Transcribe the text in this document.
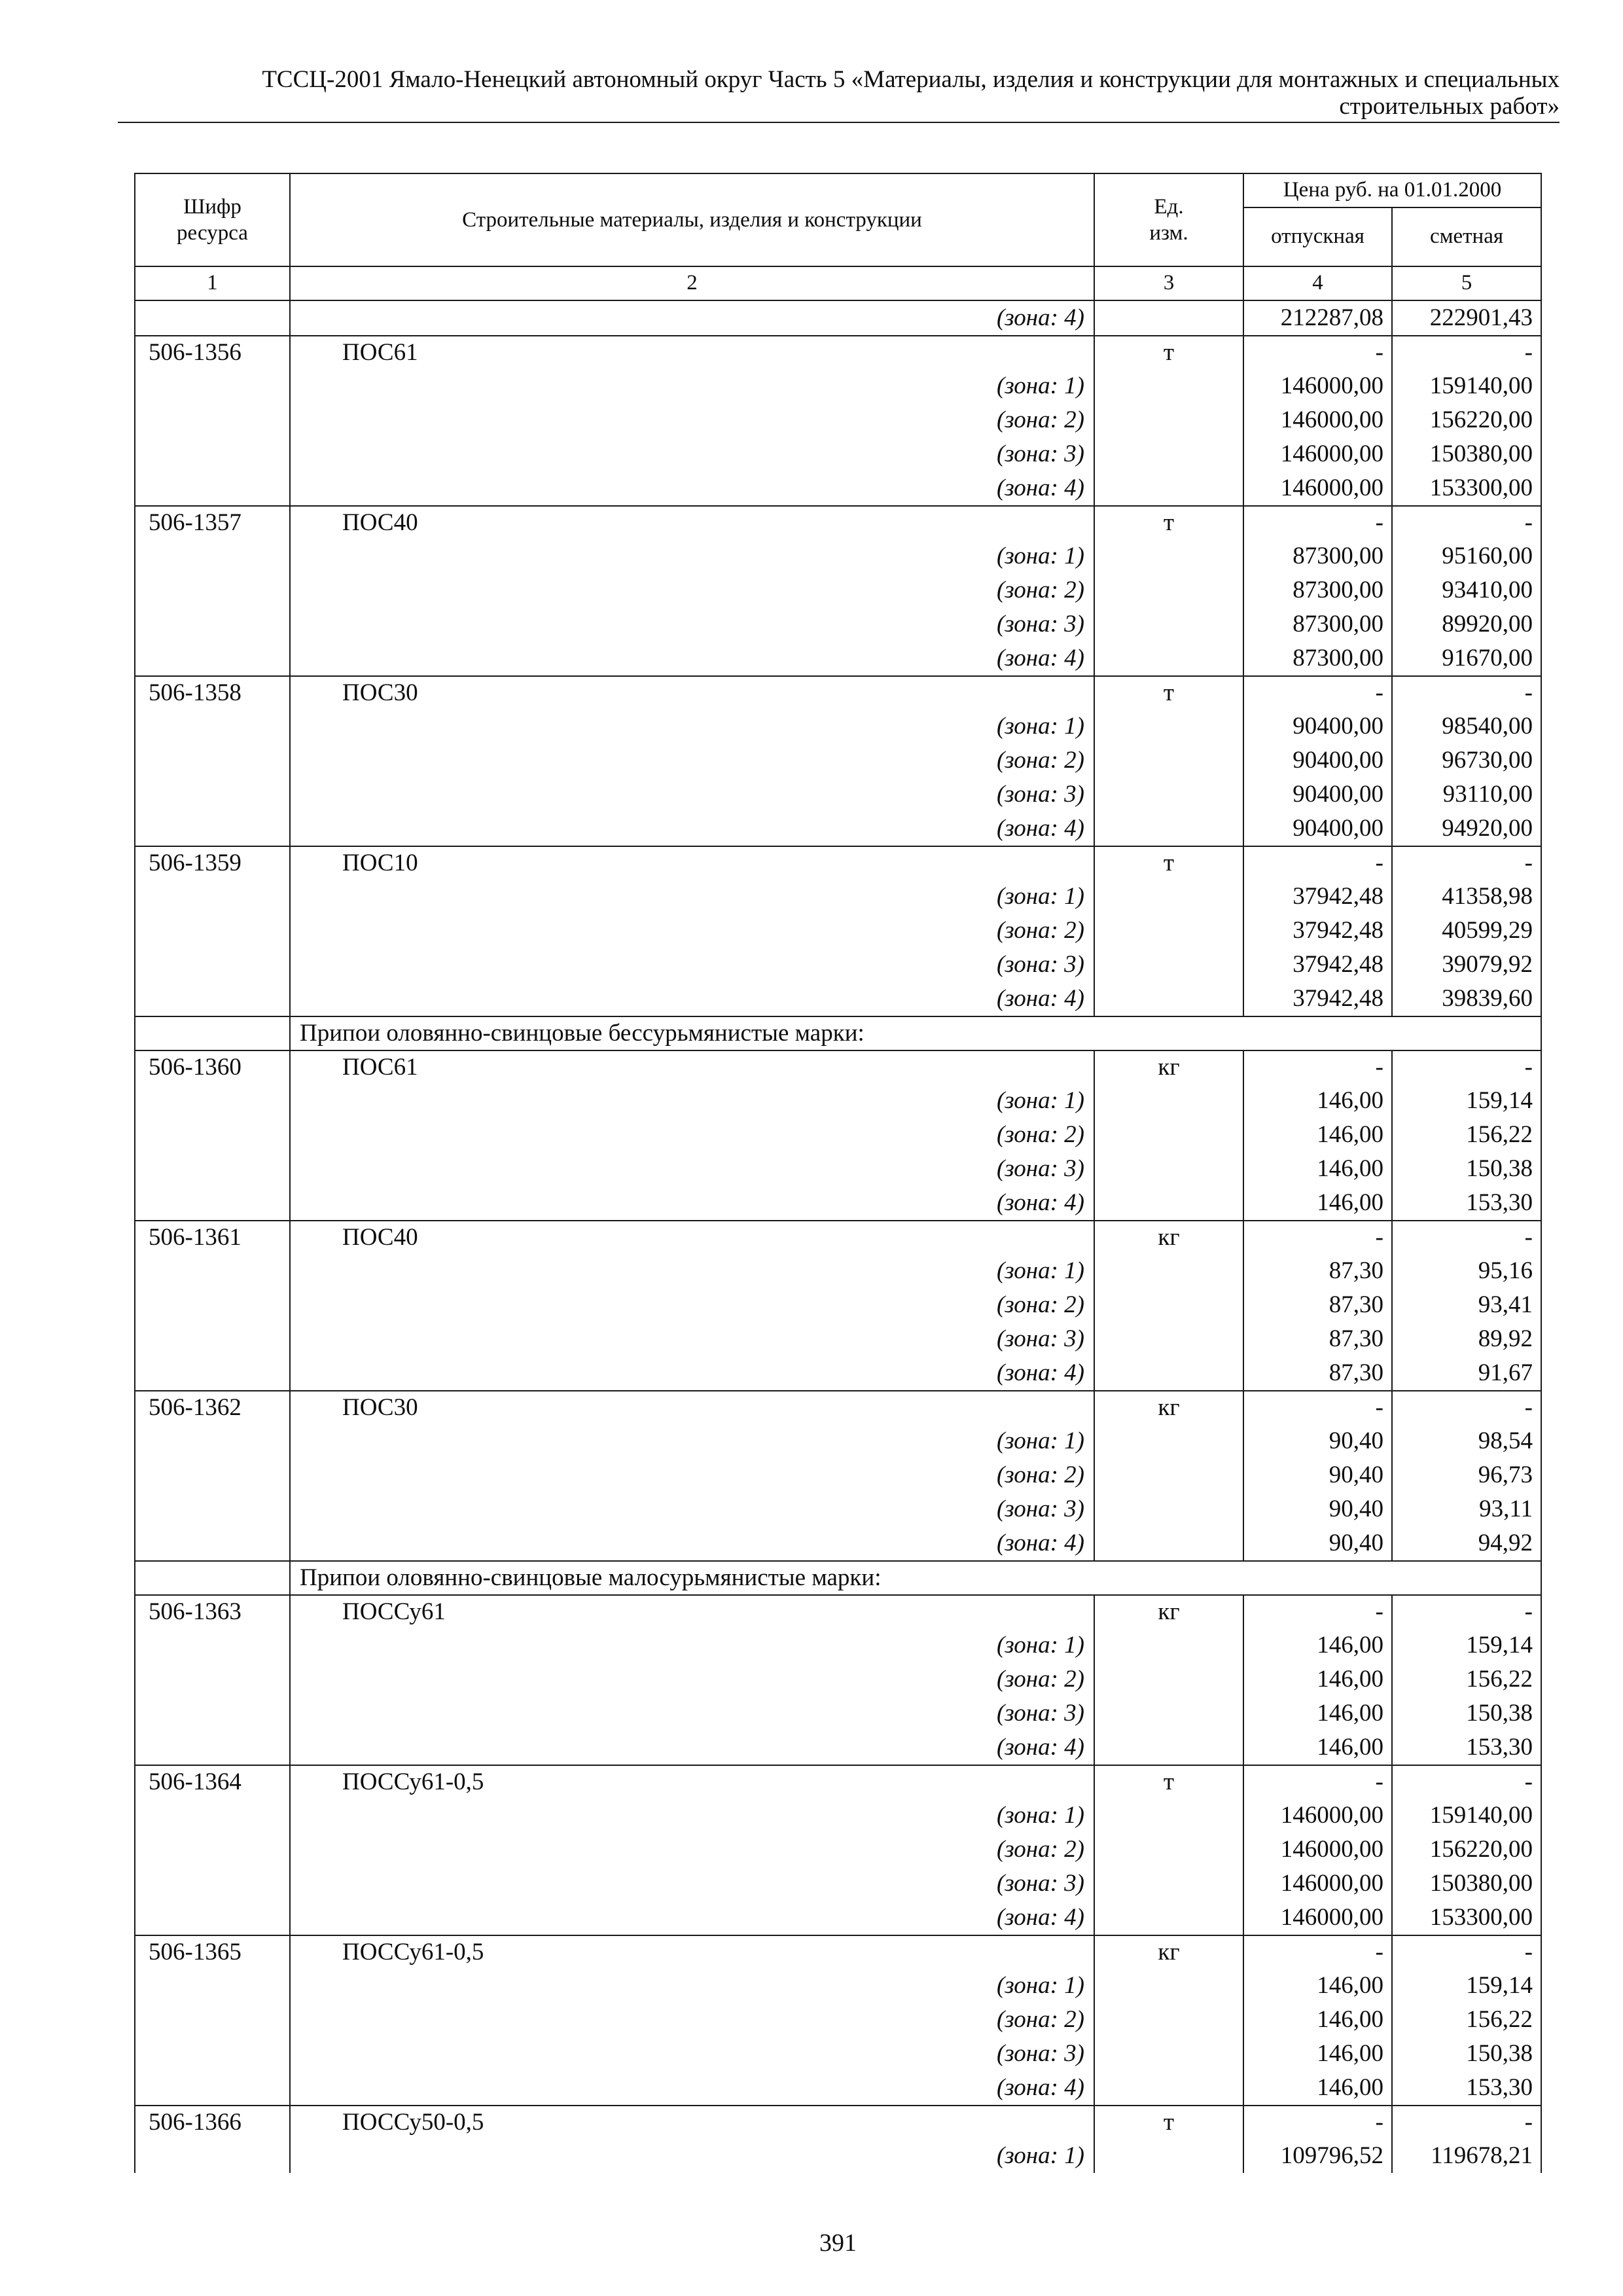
ТССЦ-2001 Ямало-Ненецкий автономный округ Часть 5 «Материалы, изделия и конструкции для монтажных и специальных
строительных работ»
Шифр
ресурса
Строительные материалы, изделия и конструкции
Ед.
изм.
Цена руб. на 01.01.2000
отпускная	сметная
1	2	3	4	5
(зона: 4)	212287,08	222901,43
506-1356	ПОС61	т	-	-
(зона: 1)	146000,00	159140,00
(зона: 2)	146000,00	156220,00
(зона: 3)	146000,00	150380,00
(зона: 4)	146000,00	153300,00
506-1357	ПОС40	т	-	-
(зона: 1)	87300,00	95160,00
(зона: 2)	87300,00	93410,00
(зона: 3)	87300,00	89920,00
(зона: 4)	87300,00	91670,00
506-1358	ПОС30	т	-	-
(зона: 1)	90400,00	98540,00
(зона: 2)	90400,00	96730,00
(зона: 3)	90400,00	93110,00
(зона: 4)	90400,00	94920,00
506-1359	ПОС10	т	-	-
(зона: 1)	37942,48	41358,98
(зона: 2)	37942,48	40599,29
(зона: 3)	37942,48	39079,92
(зона: 4)	37942,48	39839,60
Припои оловянно-свинцовые бессурьмянистые марки:
506-1360	ПОС61	кг	-	-
(зона: 1)	146,00	159,14
(зона: 2)	146,00	156,22
(зона: 3)	146,00	150,38
(зона: 4)	146,00	153,30
506-1361	ПОС40	кг	-	-
(зона: 1)	87,30	95,16
(зона: 2)	87,30	93,41
(зона: 3)	87,30	89,92
(зона: 4)	87,30	91,67
506-1362	ПОС30	кг	-	-
(зона: 1)	90,40	98,54
(зона: 2)	90,40	96,73
(зона: 3)	90,40	93,11
(зона: 4)	90,40	94,92
Припои оловянно-свинцовые малосурьмянистые марки:
506-1363	ПОССу61	кг	-	-
(зона: 1)	146,00	159,14
(зона: 2)	146,00	156,22
(зона: 3)	146,00	150,38
(зона: 4)	146,00	153,30
506-1364	ПОССу61-0,5	т	-	-
(зона: 1)	146000,00	159140,00
(зона: 2)	146000,00	156220,00
(зона: 3)	146000,00	150380,00
(зона: 4)	146000,00	153300,00
506-1365	ПОССу61-0,5	кг	-	-
(зона: 1)	146,00	159,14
(зона: 2)	146,00	156,22
(зона: 3)	146,00	150,38
(зона: 4)	146,00	153,30
506-1366	ПОССу50-0,5	т	-	-
(зона: 1)	109796,52	119678,21
391
